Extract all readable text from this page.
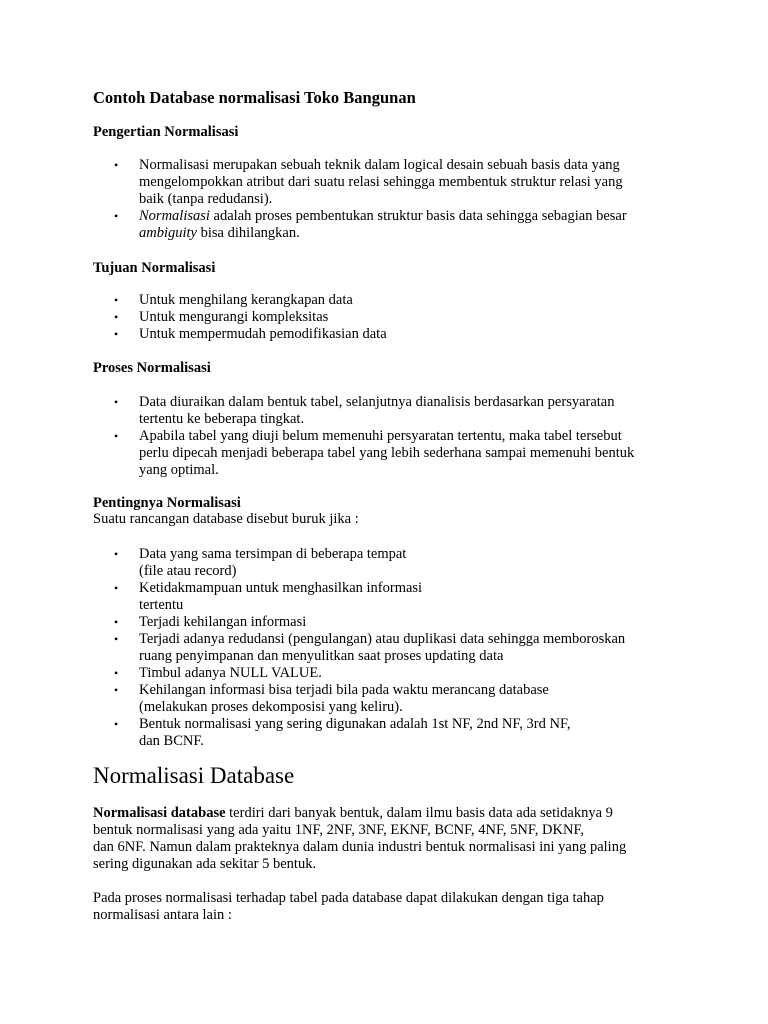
Contoh Database normalisasi Toko Bangunan
Pengertian Normalisasi
• Normalisasi merupakan sebuah teknik dalam logical desain sebuah basis data yang
mengelompokkan atribut dari suatu relasi sehingga membentuk struktur relasi yang
baik (tanpa redudansi).
• Normalisasi adalah proses pembentukan struktur basis data sehingga sebagian besar
ambiguity bisa dihilangkan.
Tujuan Normalisasi
• Untuk menghilang kerangkapan data
• Untuk mengurangi kompleksitas
• Untuk mempermudah pemodifikasian data
Proses Normalisasi
• Data diuraikan dalam bentuk tabel, selanjutnya dianalisis berdasarkan persyaratan
tertentu ke beberapa tingkat.
• Apabila tabel yang diuji belum memenuhi persyaratan tertentu, maka tabel tersebut
perlu dipecah menjadi beberapa tabel yang lebih sederhana sampai memenuhi bentuk
yang optimal.
Pentingnya Normalisasi

Suatu rancangan database disebut buruk jika :

• Data yang sama tersimpan di beberapa tempat
(file atau record)
• Ketidakmampuan untuk menghasilkan informasi
tertentu
• Terjadi kehilangan informasi
• Terjadi adanya redudansi (pengulangan) atau duplikasi data sehingga memboroskan
ruang penyimpanan dan menyulitkan saat proses updating data
• Timbul adanya NULL VALUE.
• Kehilangan informasi bisa terjadi bila pada waktu merancang database
(melakukan proses dekomposisi yang keliru).
• Bentuk normalisasi yang sering digunakan adalah 1st NF, 2nd NF, 3rd NF,
dan BCNF.
Normalisasi Database

Normalisasi database terdiri dari banyak bentuk, dalam ilmu basis data ada setidaknya 9
bentuk normalisasi yang ada yaitu 1NF, 2NF, 3NF, EKNF, BCNF, 4NF, 5NF, DKNF,
dan 6NF. Namun dalam prakteknya dalam dunia industri bentuk normalisasi ini yang paling
sering digunakan ada sekitar 5 bentuk.

Pada proses normalisasi terhadap tabel pada database dapat dilakukan dengan tiga tahap
normalisasi antara lain :
